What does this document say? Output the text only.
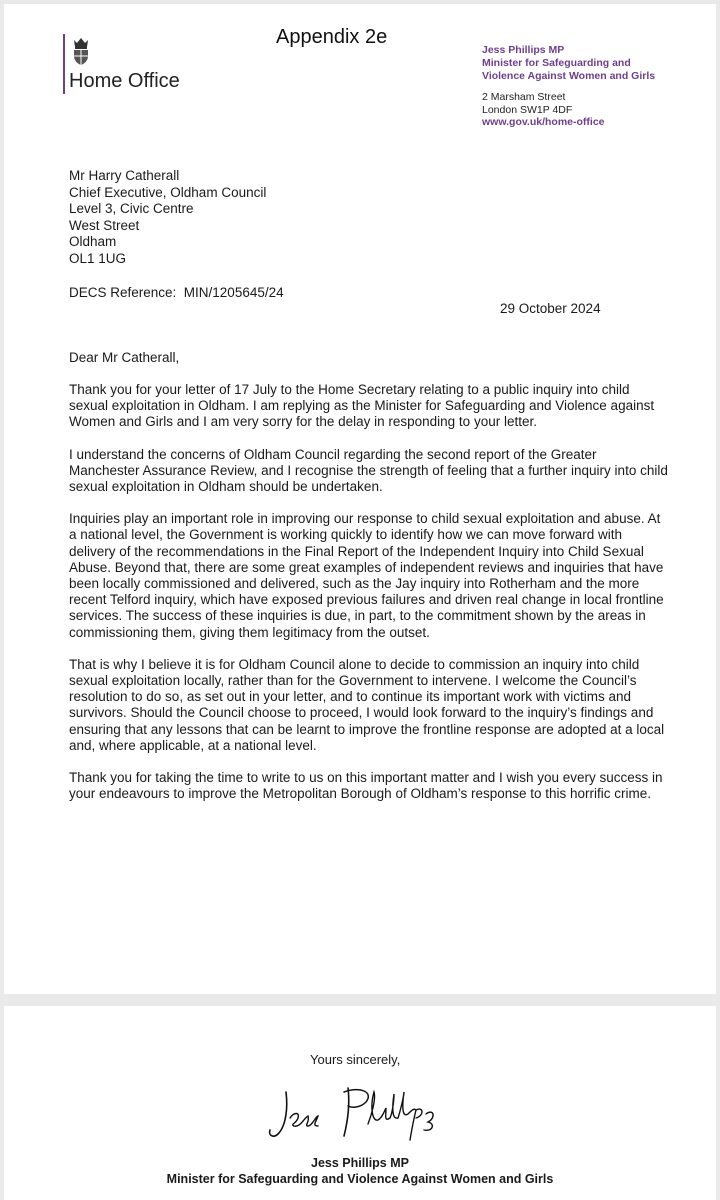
Home Office
Appendix 2e
Jess Phillips MP
Minister for Safeguarding and
Violence Against Women and Girls
2 Marsham Street
London SW1P 4DF
www.gov.uk/home-office
Mr Harry Catherall
Chief Executive, Oldham Council
Level 3, Civic Centre
West Street
Oldham
OL1 1UG
DECS Reference:  MIN/1205645/24
29 October 2024
Dear Mr Catherall,

Thank you for your letter of 17 July to the Home Secretary relating to a public inquiry into child sexual exploitation in Oldham. I am replying as the Minister for Safeguarding and Violence against Women and Girls and I am very sorry for the delay in responding to your letter.

I understand the concerns of Oldham Council regarding the second report of the Greater Manchester Assurance Review, and I recognise the strength of feeling that a further inquiry into child sexual exploitation in Oldham should be undertaken.

Inquiries play an important role in improving our response to child sexual exploitation and abuse. At a national level, the Government is working quickly to identify how we can move forward with delivery of the recommendations in the Final Report of the Independent Inquiry into Child Sexual Abuse. Beyond that, there are some great examples of independent reviews and inquiries that have been locally commissioned and delivered, such as the Jay inquiry into Rotherham and the more recent Telford inquiry, which have exposed previous failures and driven real change in local frontline services. The success of these inquiries is due, in part, to the commitment shown by the areas in commissioning them, giving them legitimacy from the outset.

That is why I believe it is for Oldham Council alone to decide to commission an inquiry into child sexual exploitation locally, rather than for the Government to intervene. I welcome the Council’s resolution to do so, as set out in your letter, and to continue its important work with victims and survivors. Should the Council choose to proceed, I would look forward to the inquiry’s findings and ensuring that any lessons that can be learnt to improve the frontline response are adopted at a local and, where applicable, at a national level.

Thank you for taking the time to write to us on this important matter and I wish you every success in your endeavours to improve the Metropolitan Borough of Oldham’s response to this horrific crime.

Yours sincerely,
Jess Phillips MP
Minister for Safeguarding and Violence Against Women and Girls
